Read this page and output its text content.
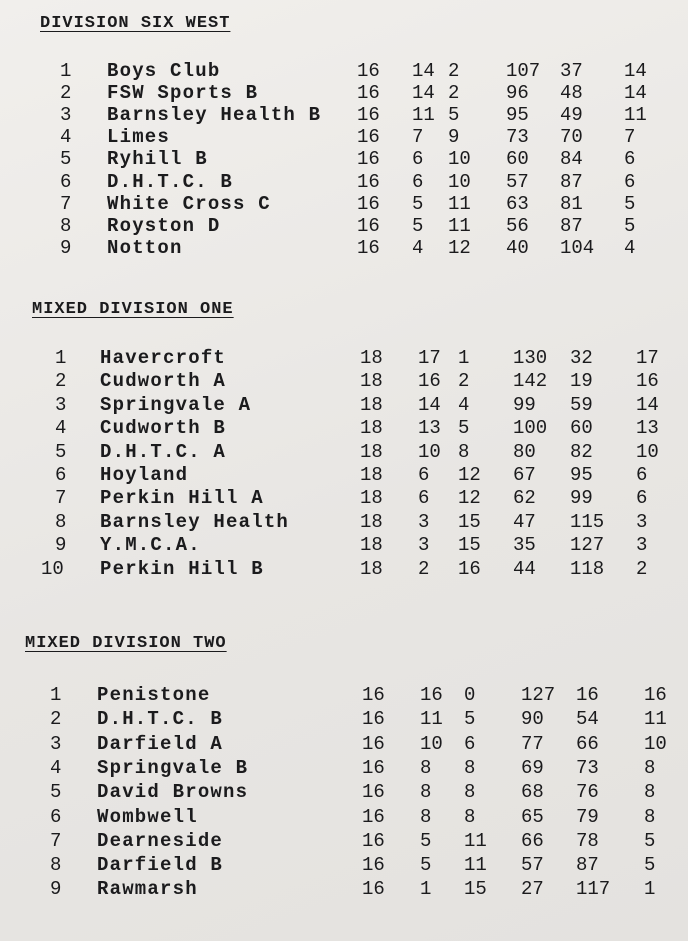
DIVISION SIX WEST
1 Boys Club	16 14 2 107 37 14
2 FSW Sports B	16 14 2 96 48 14
3 Barnsley Health B 16 11 5 95 49 11
4 Limes	16 7 9 73 70 7
5 Ryhill B	16 6 10 60 84 6
6 D.H.T.C. B	16 6 10 57 87 6
7 White Cross C	16 5 11 63 81 5
8 Royston D	16 5 11 56 87 5
9 Notton	16 4 12 40 104 4
MIXED DIVISION ONE
1 Havercroft	18 17 1 130 32 17
2 Cudworth A	18 16 2 142 19 16
3 Springvale A	18 14 4 99 59 14
4 Cudworth B	18 13 5 100 60 13
5 D.H.T.C. A	18 10 8 80 82 10
6 Hoyland	18 6 12 67 95 6
7 Perkin Hill A	18 6 12 62 99 6
8 Barnsley Health	18 3 15 47 115 3
9 Y.M.C.A.	18 3 15 35 127 3
10 Perkin Hill B	18 2 16 44 118 2
MIXED DIVISION TWO
1 Penistone	16 16 0 127 16 16
2 D.H.T.C. B	16 11 5 90 54 11
3 Darfield A	16 10 6 77 66 10
4 Springvale B	16 8 8 69 73 8
5 David Browns	16 8 8 68 76 8
6 Wombwell	16 8 8 65 79 8
7 Dearneside	16 5 11 66 78 5
8 Darfield B	16 5 11 57 87 5
9 Rawmarsh	16 1 15 27 117 1
